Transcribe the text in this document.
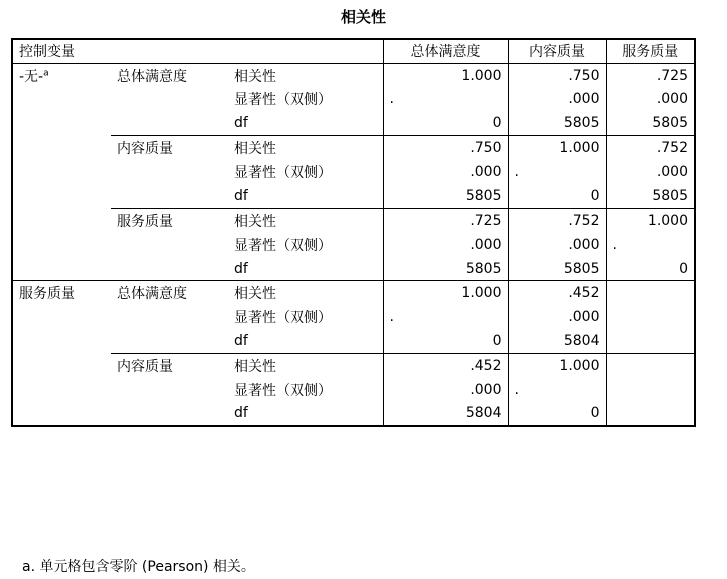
相关性
控制变量			总体满意度	内容质量	服务质量
-无-$^a$	总体满意度	相关性	1.000	.750	.725
		显著性（双侧）	.	.000	.000
		df	0	5805	5805
	内容质量	相关性	.750	1.000	.752
		显著性（双侧）	.000	.	.000
		df	5805	0	5805
	服务质量	相关性	.725	.752	1.000
		显著性（双侧）	.000	.000	.
		df	5805	5805	0
服务质量	总体满意度	相关性	1.000	.452	
		显著性（双侧）	.	.000	
		df	0	5804	
	内容质量	相关性	.452	1.000	
		显著性（双侧）	.000	.	
		df	5804	0	
a. 单元格包含零阶 (Pearson) 相关。
